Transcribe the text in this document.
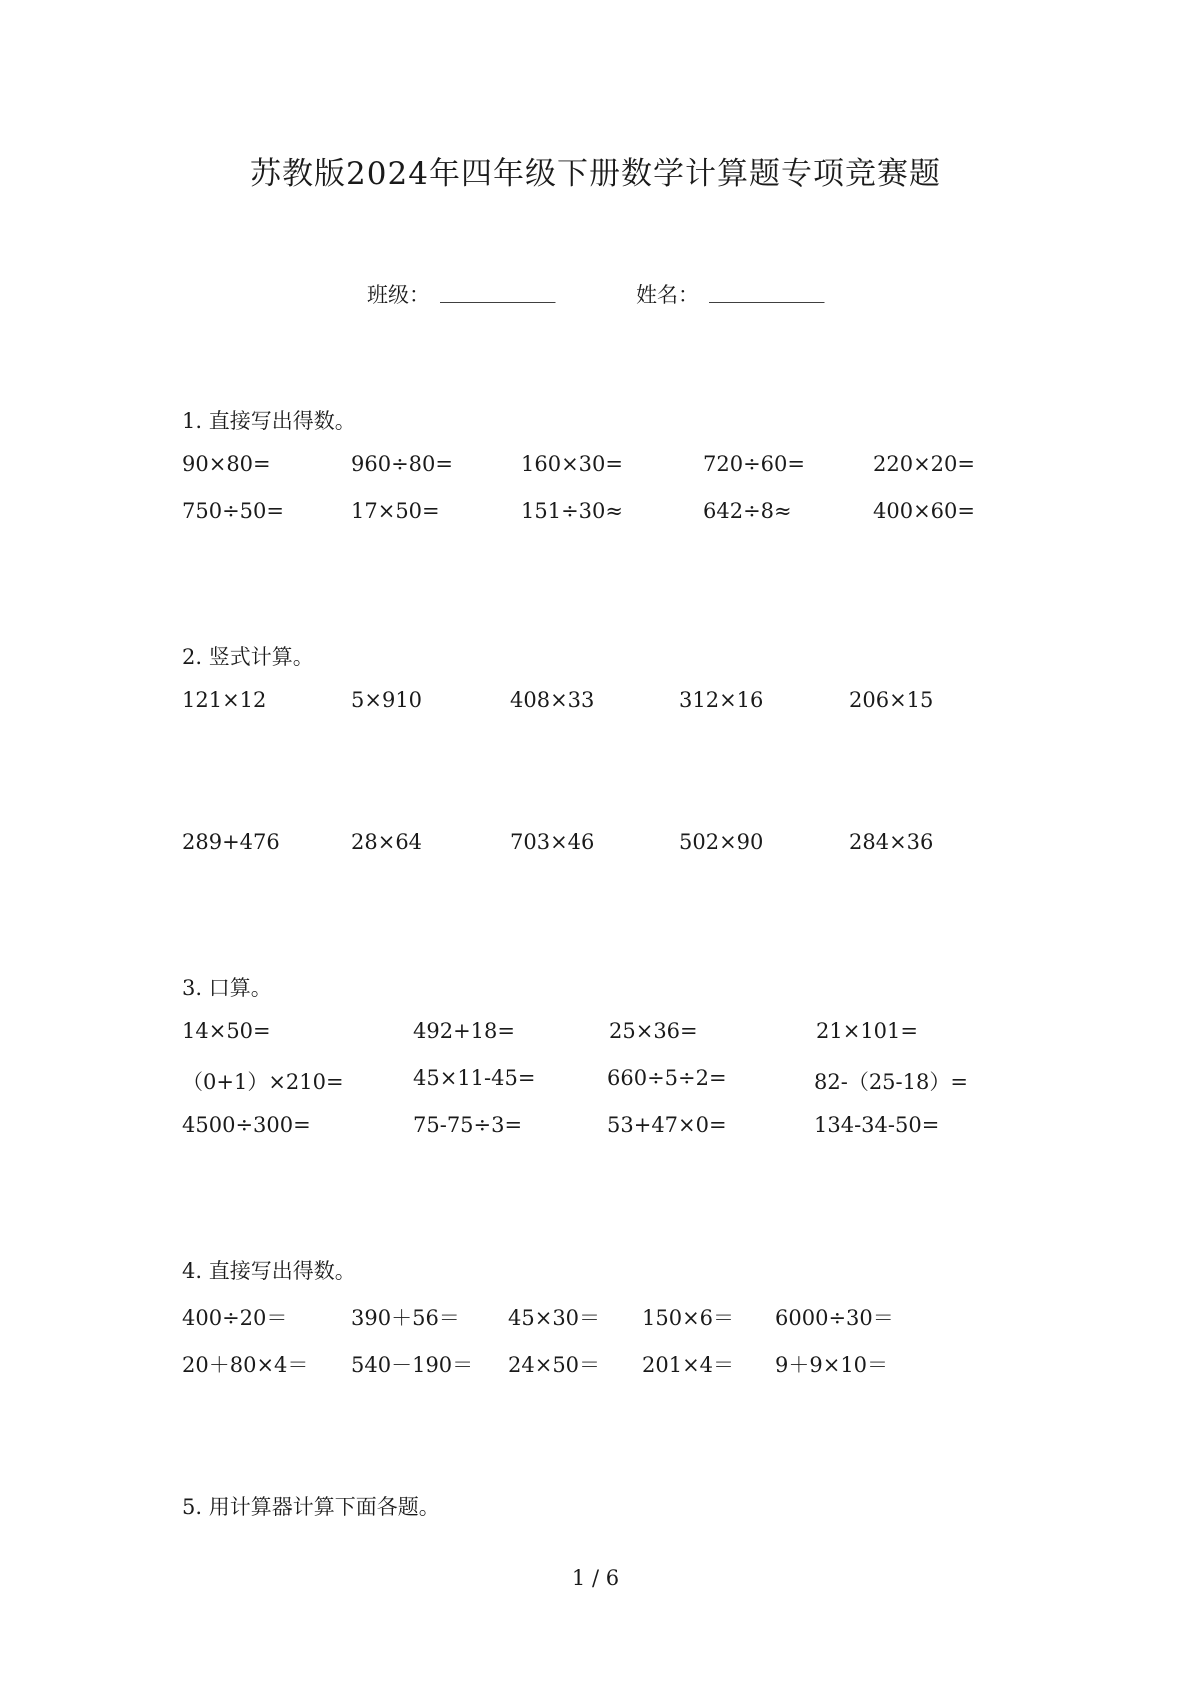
苏教版2024年四年级下册数学计算题专项竞赛题
班级： ___________	姓名： ___________
1. 直接写出得数。
90×80=	960÷80=	160×30=	720÷60=	220×20=
750÷50=	17×50=	151÷30≈	642÷8≈	400×60=
2. 竖式计算。
121×12	5×910	408×33	312×16	206×15
289+476	28×64	703×46	502×90	284×36
3. 口算。
14×50=	492+18=	25×36=	21×101=
（0+1）×210=	45×11-45=	660÷5÷2=	82-（25-18）=
4500÷300=	75-75÷3=	53+47×0=	134-34-50=
4. 直接写出得数。
400÷20＝	390＋56＝ 45×30＝ 150×6＝ 6000÷30＝
20＋80×4＝ 540－190＝ 24×50＝ 201×4＝ 9＋9×10＝
5. 用计算器计算下面各题。
1 / 6
